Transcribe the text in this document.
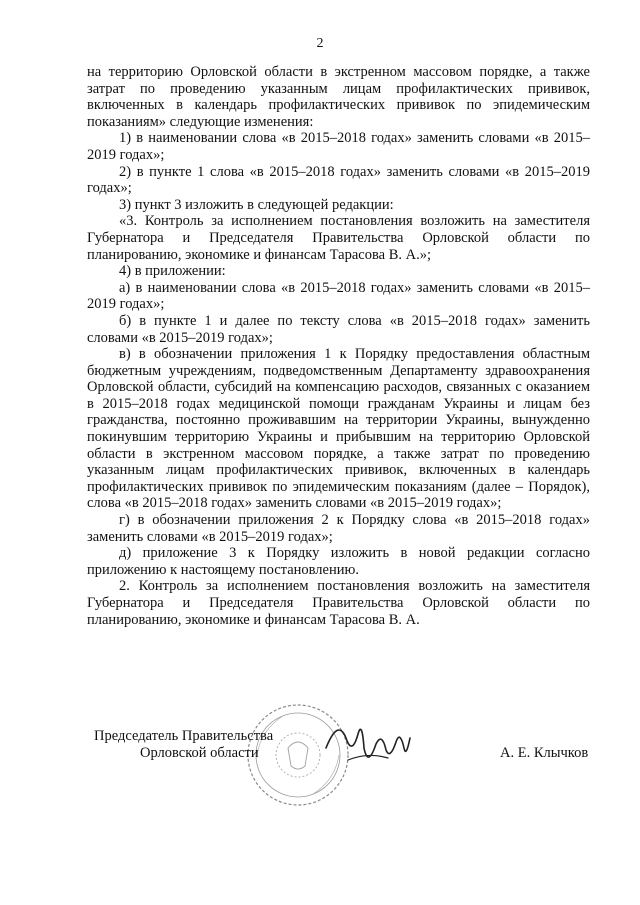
2

на территорию Орловской области в экстренном массовом порядке, а также затрат по проведению указанным лицам профилактических прививок, включенных в календарь профилактических прививок по эпидемическим показаниям» следующие изменения:

1) в наименовании слова «в 2015–2018 годах» заменить словами «в 2015–2019 годах»;

2) в пункте 1 слова «в 2015–2018 годах» заменить словами «в 2015–2019 годах»;

3) пункт 3 изложить в следующей редакции:

«3. Контроль за исполнением постановления возложить на заместителя Губернатора и Председателя Правительства Орловской области по планированию, экономике и финансам Тарасова В. А.»;

4) в приложении:

а) в наименовании слова «в 2015–2018 годах» заменить словами «в 2015–2019 годах»;

б) в пункте 1 и далее по тексту слова «в 2015–2018 годах» заменить словами «в 2015–2019 годах»;

в) в обозначении приложения 1 к Порядку предоставления областным бюджетным учреждениям, подведомственным Департаменту здравоохранения Орловской области, субсидий на компенсацию расходов, связанных с оказанием в 2015–2018 годах медицинской помощи гражданам Украины и лицам без гражданства, постоянно проживавшим на территории Украины, вынужденно покинувшим территорию Украины и прибывшим на территорию Орловской области в экстренном массовом порядке, а также затрат по проведению указанным лицам профилактических прививок, включенных в календарь профилактических прививок по эпидемическим показаниям (далее – Порядок), слова «в 2015–2018 годах» заменить словами «в 2015–2019 годах»;

г) в обозначении приложения 2 к Порядку слова «в 2015–2018 годах» заменить словами «в 2015–2019 годах»;

д) приложение 3 к Порядку изложить в новой редакции согласно приложению к настоящему постановлению.

2. Контроль за исполнением постановления возложить на заместителя Губернатора и Председателя Правительства Орловской области по планированию, экономике и финансам Тарасова В. А.

Председатель Правительства
Орловской области	А. Е. Клычков
